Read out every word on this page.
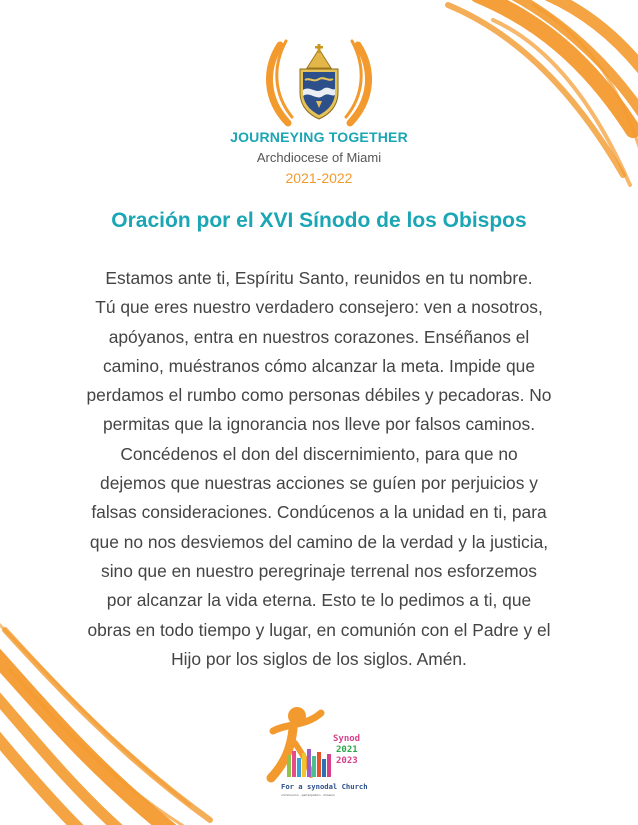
JOURNEYING TOGETHER
Archdiocese of Miami
2021-2022
Oración por el XVI Sínodo de los Obispos
Estamos ante ti, Espíritu Santo, reunidos en tu nombre.
Tú que eres nuestro verdadero consejero: ven a nosotros,
apóyanos, entra en nuestros corazones. Enséñanos el
camino, muéstranos cómo alcanzar la meta. Impide que
perdamos el rumbo como personas débiles y pecadoras. No
permitas que la ignorancia nos lleve por falsos caminos.
Concédenos el don del discernimiento, para que no
dejemos que nuestras acciones se guíen por perjuicios y
falsas consideraciones. Condúcenos a la unidad en ti, para
que no nos desviemos del camino de la verdad y la justicia,
sino que en nuestro peregrinaje terrenal nos esforzemos
por alcanzar la vida eterna. Esto te lo pedimos a ti, que
obras en todo tiempo y lugar, en comunión con el Padre y el
Hijo por los siglos de los siglos. Amén.
Synod
2021
2023
For a synodal Church
communion · participation · mission
